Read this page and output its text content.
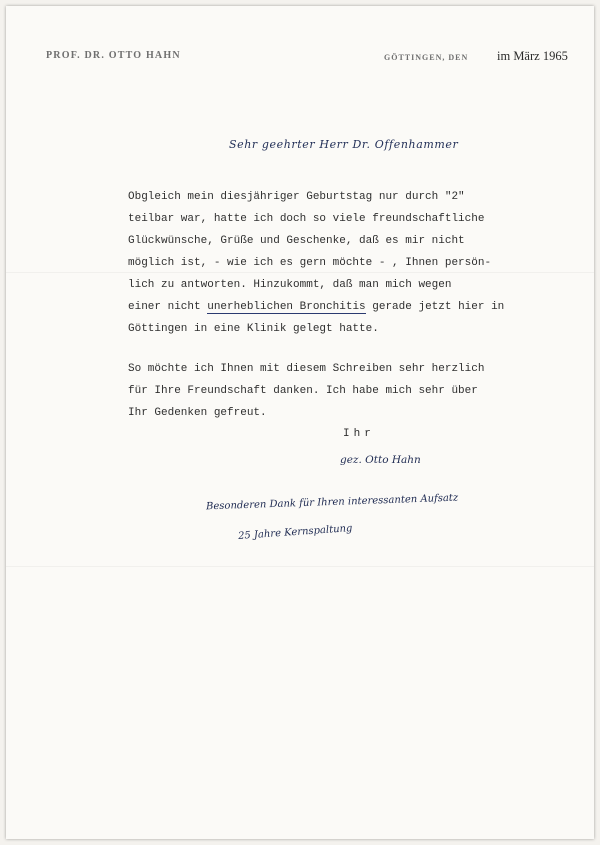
PROF. DR. OTTO HAHN	GÖTTINGEN, DEN im März 1965
Sehr geehrter Herr Dr. Offenhammer
Obgleich mein diesjähriger Geburtstag nur durch "2"
teilbar war, hatte ich doch so viele freundschaftliche
Glückwünsche, Grüße und Geschenke, daß es mir nicht
möglich ist, - wie ich es gern möchte - , Ihnen persön-
lich zu antworten. Hinzukommt, daß man mich wegen
einer nicht unerheblichen Bronchitis gerade jetzt hier in
Göttingen in eine Klinik gelegt hatte.
So möchte ich Ihnen mit diesem Schreiben sehr herzlich
für Ihre Freundschaft danken. Ich habe mich sehr über
Ihr Gedenken gefreut.
Ihr
gez. Otto Hahn
Besonderen Dank für Ihren interessanten Aufsatz
25 Jahre Kernspaltung
